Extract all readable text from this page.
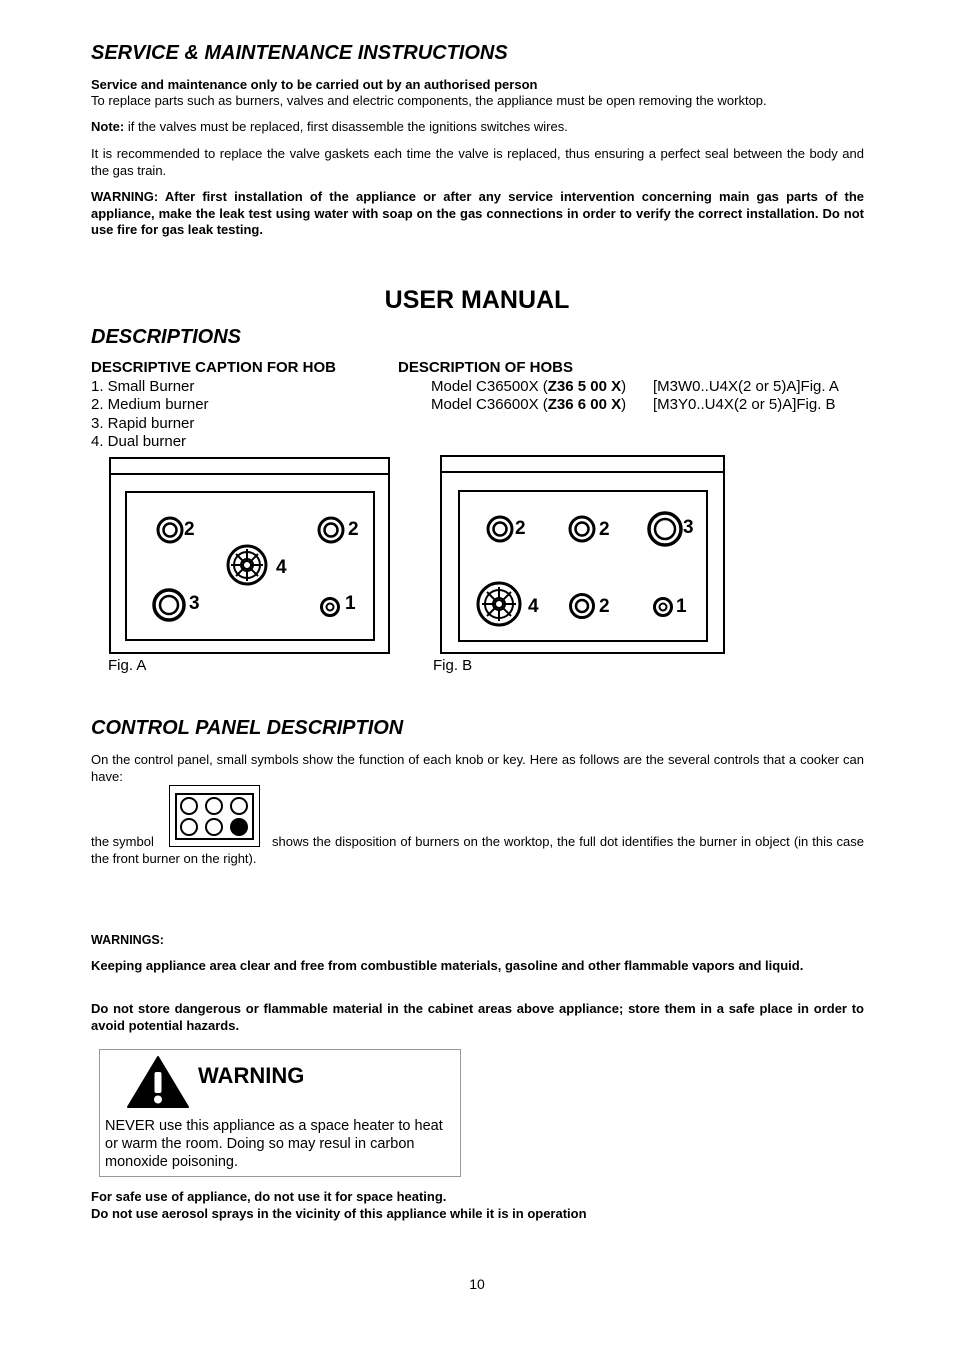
SERVICE & MAINTENANCE INSTRUCTIONS
Service and maintenance only to be carried out by an authorised person
To replace parts such as burners, valves and electric components, the appliance must be open removing the worktop.
Note: if the valves must be replaced, first disassemble the ignitions switches wires.
It is recommended to replace the valve gaskets each time the valve is replaced, thus ensuring a perfect seal between the body and the gas train.
WARNING: After first installation of the appliance or after any service intervention concerning main gas parts of the appliance, make the leak test using water with soap on the gas connections in order to verify the correct installation. Do not use fire for gas leak testing.
USER MANUAL
DESCRIPTIONS
DESCRIPTIVE CAPTION FOR HOB
1. Small Burner
2. Medium burner
3. Rapid burner
4. Dual burner
DESCRIPTION OF HOBS
Model C36500X (Z36 5 00 X) [M3W0..U4X(2 or 5)A]Fig. A
Model C36600X (Z36 6 00 X) [M3Y0..U4X(2 or 5)A]Fig. B
2	2
4
3	1
Fig. A
2	2	3
4	2	1
Fig. B
CONTROL PANEL DESCRIPTION
On the control panel, small symbols show the function of each knob or key. Here as follows are the several controls that a cooker can have:
the symbol	shows the disposition of burners on the worktop, the full dot identifies the burner in object (in this case the front burner on the right).
WARNINGS:
Keeping appliance area clear and free from combustible materials, gasoline and other flammable vapors and liquid.
Do not store dangerous or flammable material in the cabinet areas above appliance; store them in a safe place in order to avoid potential hazards.
WARNING
NEVER use this appliance as a space heater to heat
or warm the room. Doing so may resul in carbon
monoxide poisoning.
For safe use of appliance, do not use it for space heating.
Do not use aerosol sprays in the vicinity of this appliance while it is in operation
10
